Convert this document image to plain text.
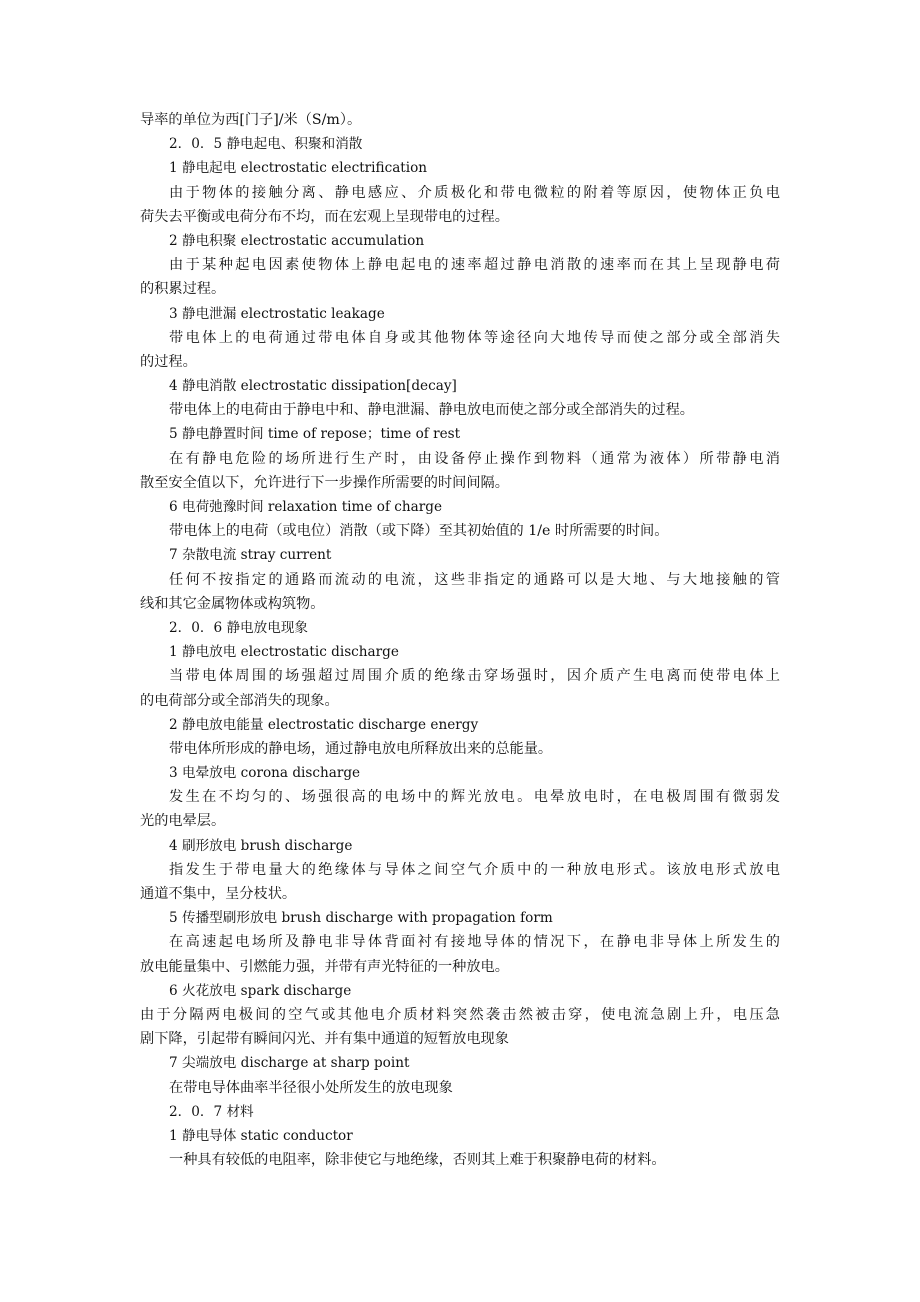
导率的单位为西[门子]/米（S/m）。
2．0．5 静电起电、积聚和消散
1 静电起电 electrostatic electrification
由于物体的接触分离、静电感应、介质极化和带电微粒的附着等原因，使物体正负电
荷失去平衡或电荷分布不均，而在宏观上呈现带电的过程。
2 静电积聚 electrostatic accumulation
由于某种起电因素使物体上静电起电的速率超过静电消散的速率而在其上呈现静电荷
的积累过程。
3 静电泄漏 electrostatic leakage
带电体上的电荷通过带电体自身或其他物体等途径向大地传导而使之部分或全部消失
的过程。
4 静电消散 electrostatic dissipation[decay]
带电体上的电荷由于静电中和、静电泄漏、静电放电而使之部分或全部消失的过程。
5 静电静置时间 time of repose；time of rest
在有静电危险的场所进行生产时，由设备停止操作到物料（通常为液体）所带静电消
散至安全值以下，允许进行下一步操作所需要的时间间隔。
6 电荷弛豫时间 relaxation time of charge
带电体上的电荷（或电位）消散（或下降）至其初始值的 1/e 时所需要的时间。
7 杂散电流 stray current
任何不按指定的通路而流动的电流，这些非指定的通路可以是大地、与大地接触的管
线和其它金属物体或构筑物。
2．0．6 静电放电现象
1 静电放电 electrostatic discharge
当带电体周围的场强超过周围介质的绝缘击穿场强时，因介质产生电离而使带电体上
的电荷部分或全部消失的现象。
2 静电放电能量 electrostatic discharge energy
带电体所形成的静电场，通过静电放电所释放出来的总能量。
3 电晕放电 corona discharge
发生在不均匀的、场强很高的电场中的辉光放电。电晕放电时，在电极周围有微弱发
光的电晕层。
4 刷形放电 brush discharge
指发生于带电量大的绝缘体与导体之间空气介质中的一种放电形式。该放电形式放电
通道不集中，呈分枝状。
5 传播型刷形放电 brush discharge with propagation form
在高速起电场所及静电非导体背面衬有接地导体的情况下，在静电非导体上所发生的
放电能量集中、引燃能力强，并带有声光特征的一种放电。
6 火花放电 spark discharge
由于分隔两电极间的空气或其他电介质材料突然袭击然被击穿，使电流急剧上升，电压急
剧下降，引起带有瞬间闪光、并有集中通道的短暂放电现象
7 尖端放电 discharge at sharp point
在带电导体曲率半径很小处所发生的放电现象
2．0．7 材料
1 静电导体 static conductor
一种具有较低的电阻率，除非使它与地绝缘，否则其上难于积聚静电荷的材料。
